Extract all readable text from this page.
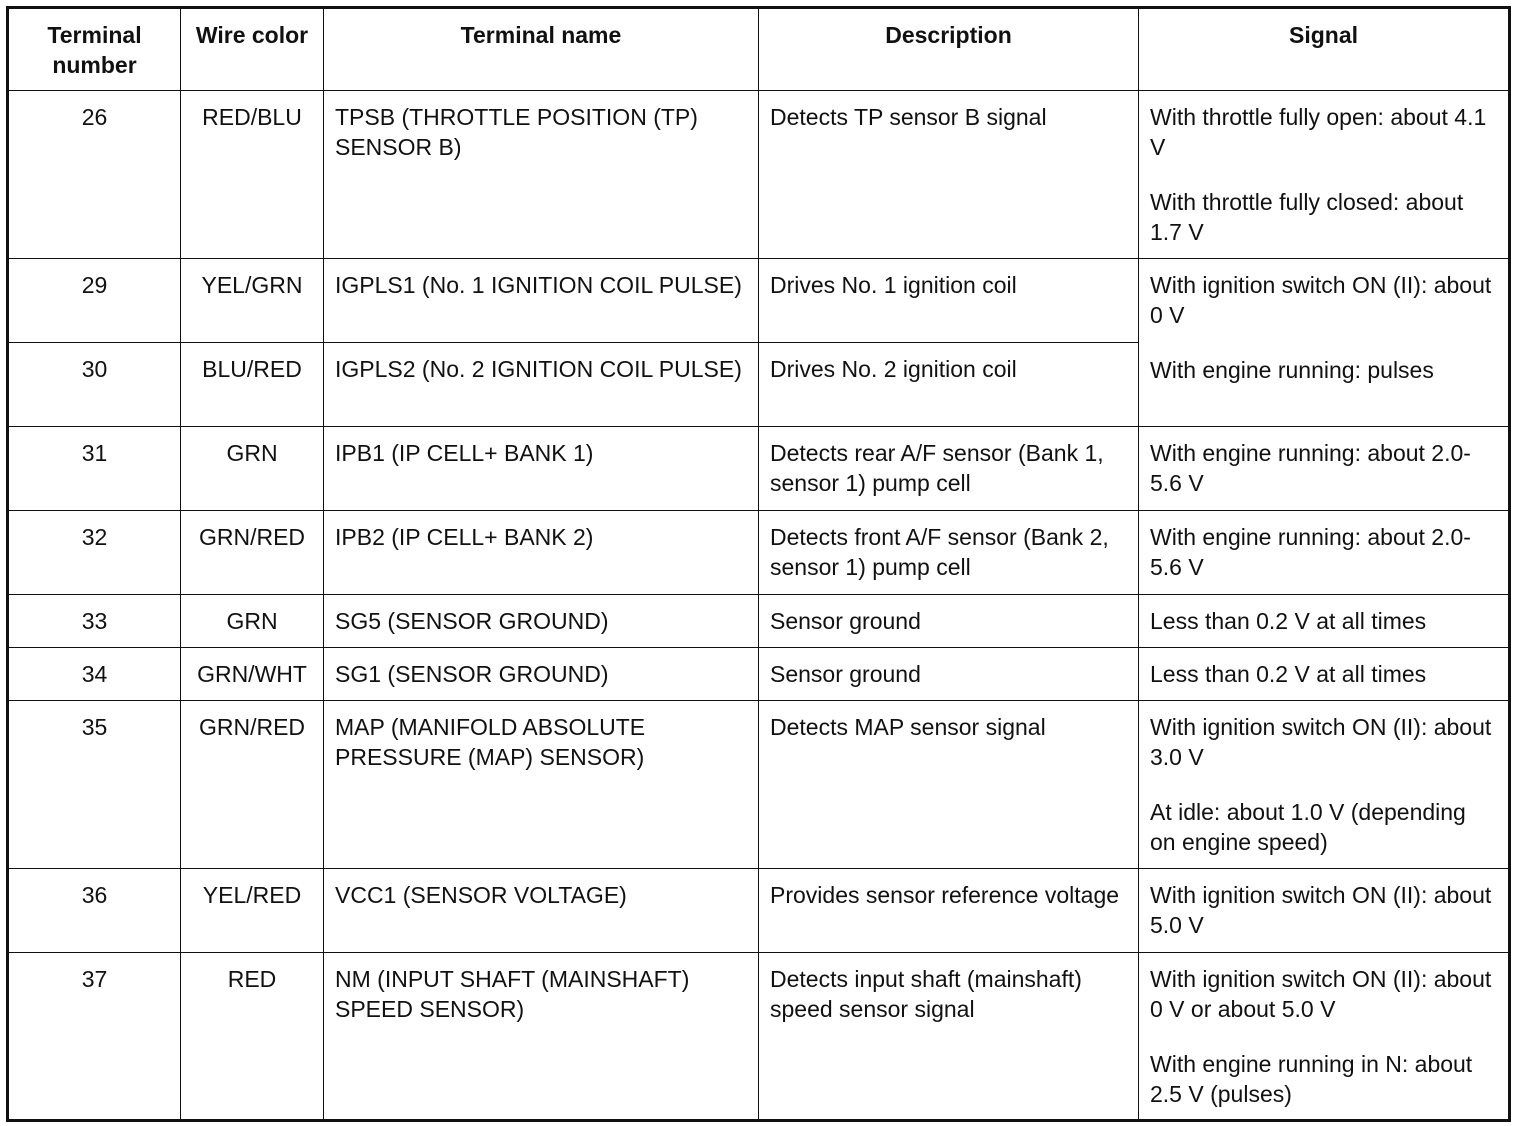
Terminal number	Wire color	Terminal name	Description	Signal
26	RED/BLU	TPSB (THROTTLE POSITION (TP) SENSOR B)	Detects TP sensor B signal	With throttle fully open: about 4.1 V

With throttle fully closed: about 1.7 V

29	YEL/GRN	IGPLS1 (No. 1 IGNITION COIL PULSE)	Drives No. 1 ignition coil	With ignition switch ON (II): about 0 V

With engine running: pulses

30	BLU/RED	IGPLS2 (No. 2 IGNITION COIL PULSE)	Drives No. 2 ignition coil	
31	GRN	IPB1 (IP CELL+ BANK 1)	Detects rear A/F sensor (Bank 1, sensor 1) pump cell	With engine running: about 2.0-5.6 V

32	GRN/RED	IPB2 (IP CELL+ BANK 2)	Detects front A/F sensor (Bank 2, sensor 1) pump cell	With engine running: about 2.0-5.6 V

33	GRN	SG5 (SENSOR GROUND)	Sensor ground	Less than 0.2 V at all times

34	GRN/WHT	SG1 (SENSOR GROUND)	Sensor ground	Less than 0.2 V at all times

35	GRN/RED	MAP (MANIFOLD ABSOLUTE PRESSURE (MAP) SENSOR)	Detects MAP sensor signal	With ignition switch ON (II): about 3.0 V

At idle: about 1.0 V (depending on engine speed)

36	YEL/RED	VCC1 (SENSOR VOLTAGE)	Provides sensor reference voltage	With ignition switch ON (II): about 5.0 V

37	RED	NM (INPUT SHAFT (MAINSHAFT) SPEED SENSOR)	Detects input shaft (mainshaft) speed sensor signal	With ignition switch ON (II): about 0 V or about 5.0 V

With engine running in N: about 2.5 V (pulses)
